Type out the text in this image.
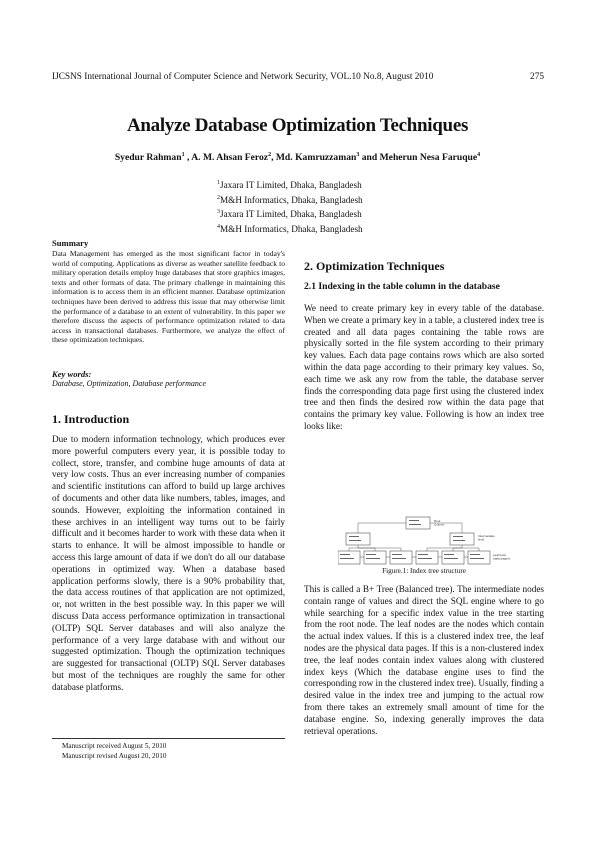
IJCSNS International Journal of Computer Science and Network Security, VOL.10 No.8, August 2010	275
Analyze Database Optimization Techniques
Syedur Rahman$^1$ , A. M. Ahsan Feroz$^2$, Md. Kamruzzaman$^3$ and Meherun Nesa Faruque$^4$
$^1$Jaxara IT Limited, Dhaka, Bangladesh
$^2$M&H Informatics, Dhaka, Bangladesh
$^3$Jaxara IT Limited, Dhaka, Bangladesh
$^4$M&H Informatics, Dhaka, Bangladesh
Summary
Data Management has emerged as the most significant factor in today's world of computing. Applications as diverse as weather satellite feedback to military operation details employ huge databases that store graphics images, texts and other formats of data. The primary challenge in maintaining this information is to access them in an efficient manner. Database optimization techniques have been derived to address this issue that may otherwise limit the performance of a database to an extent of vulnerability. In this paper we therefore discuss the aspects of performance optimization related to data access in transactional databases. Furthermore, we analyze the effect of these optimization techniques.
Key words:
Database, Optimization, Database performance
1. Introduction
Due to modern information technology, which produces ever more powerful computers every year, it is possible today to collect, store, transfer, and combine huge amounts of data at very low costs. Thus an ever increasing number of companies and scientific institutions can afford to build up large archives of documents and other data like numbers, tables, images, and sounds. However, exploiting the information contained in these archives in an intelligent way turns out to be fairly difficult and it becomes harder to work with these data when it starts to enhance. It will be almost impossible to handle or access this large amount of data if we don't do all our database operations in optimized way. When a database based application performs slowly, there is a 90% probability that, the data access routines of that application are not optimized, or, not written in the best possible way. In this paper we will discuss Data access performance optimization in transactional (OLTP) SQL Server databases and will also analyze the performance of a very large database with and without our suggested optimization. Though the optimization techniques are suggested for transactional (OLTP) SQL Server databases but most of the techniques are roughly the same for other database platforms.
2. Optimization Techniques
2.1 Indexing in the table column in the database
We need to create primary key in every table of the database. When we create a primary key in a table, a clustered index tree is created and all data pages containing the table rows are physically sorted in the file system according to their primary key values. Each data page contains rows which are also sorted within the data page according to their primary key values. So, each time we ask any row from the table, the database server finds the corresponding data page first using the clustered index tree and then finds the desired row within the data page that contains the primary key value. Following is how an index tree looks like:
Root Column
Intermediate level
Leaf level (data pages)
Figure.1: Index tree structure
This is called a B+ Tree (Balanced tree). The intermediate nodes contain range of values and direct the SQL engine where to go while searching for a specific index value in the tree starting from the root node. The leaf nodes are the nodes which contain the actual index values. If this is a clustered index tree, the leaf nodes are the physical data pages. If this is a non-clustered index tree, the leaf nodes contain index values along with clustered index keys (Which the database engine uses to find the corresponding row in the clustered index tree). Usually, finding a desired value in the index tree and jumping to the actual row from there takes an extremely small amount of time for the database engine. So, indexing generally improves the data retrieval operations.
Manuscript received August 5, 2010
Manuscript revised August 20, 2010
